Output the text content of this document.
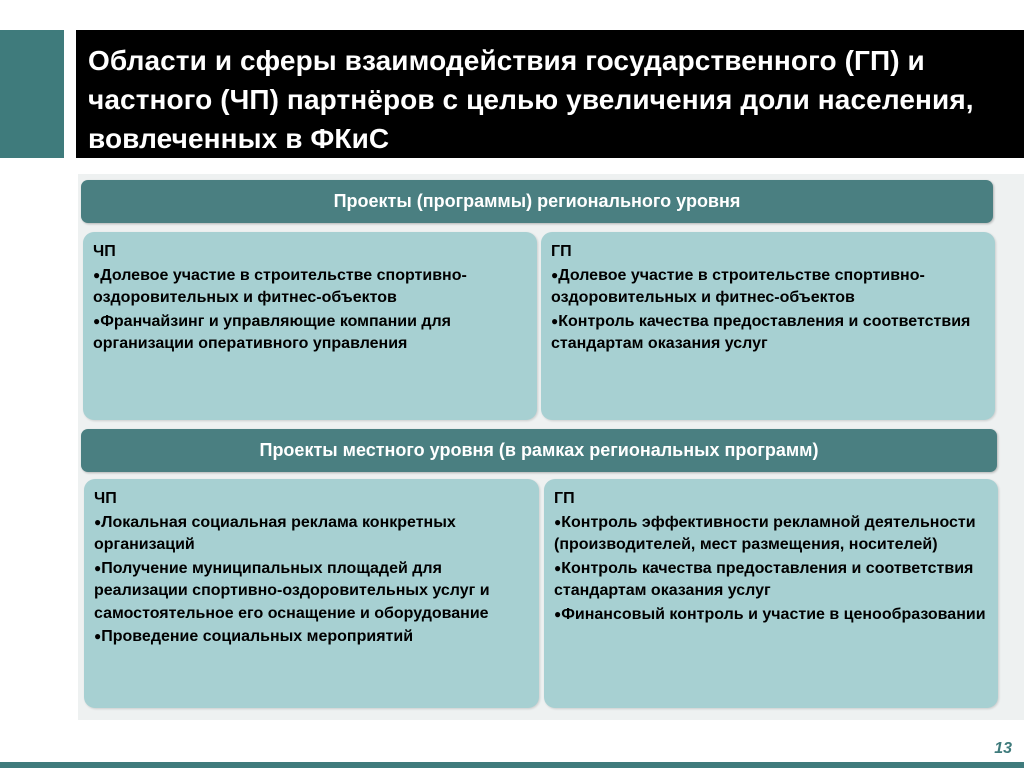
Области и сферы взаимодействия государственного (ГП) и частного (ЧП) партнёров с целью увеличения доли населения, вовлеченных в ФКиС
Проекты (программы) регионального уровня
ЧП
● Долевое участие в строительстве спортивно-оздоровительных и фитнес-объектов
● Франчайзинг и управляющие компании для организации оперативного управления
ГП
● Долевое участие в строительстве спортивно-оздоровительных и фитнес-объектов
● Контроль качества предоставления и соответствия стандартам оказания услуг
Проекты местного уровня (в рамках региональных программ)
ЧП
● Локальная социальная реклама конкретных организаций
● Получение муниципальных площадей для реализации спортивно-оздоровительных услуг и самостоятельное его оснащение и оборудование
● Проведение социальных мероприятий
ГП
● Контроль эффективности рекламной деятельности (производителей, мест размещения, носителей)
● Контроль качества предоставления и соответствия стандартам оказания услуг
● Финансовый контроль и участие в ценообразовании
13
